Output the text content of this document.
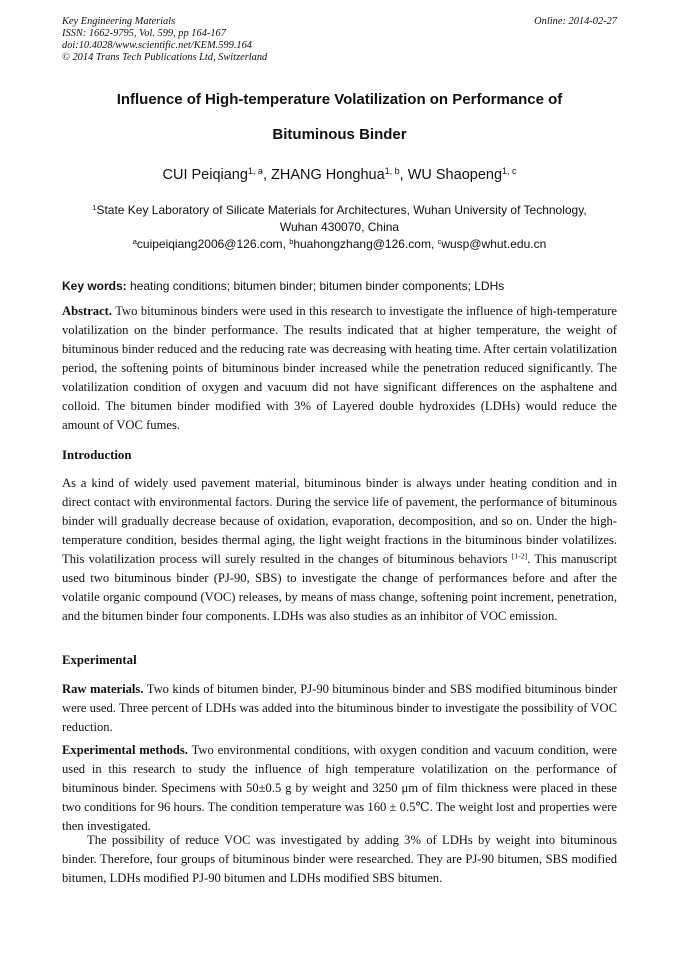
Key Engineering Materials
ISSN: 1662-9795, Vol. 599, pp 164-167
doi:10.4028/www.scientific.net/KEM.599.164
© 2014 Trans Tech Publications Ltd, Switzerland
Online: 2014-02-27
Influence of High-temperature Volatilization on Performance of
Bituminous Binder
CUI Peiqiang$^{1, a}$, ZHANG Honghua$^{1, b}$, WU Shaopeng$^{1, c}$
$^1$State Key Laboratory of Silicate Materials for Architectures, Wuhan University of Technology,
Wuhan 430070, China
$^a$cuipeiqiang2006@126.com, $^b$huahongzhang@126.com, $^c$wusp@whut.edu.cn
Key words: heating conditions; bitumen binder; bitumen binder components; LDHs
Abstract. Two bituminous binders were used in this research to investigate the influence of high-temperature volatilization on the binder performance. The results indicated that at higher temperature, the weight of bituminous binder reduced and the reducing rate was decreasing with heating time. After certain volatilization period, the softening points of bituminous binder increased while the penetration reduced significantly. The volatilization condition of oxygen and vacuum did not have significant differences on the asphaltene and colloid. The bitumen binder modified with 3% of Layered double hydroxides (LDHs) would reduce the amount of VOC fumes.
Introduction
As a kind of widely used pavement material, bituminous binder is always under heating condition and in direct contact with environmental factors. During the service life of pavement, the performance of bituminous binder will gradually decrease because of oxidation, evaporation, decomposition, and so on. Under the high-temperature condition, besides thermal aging, the light weight fractions in the bituminous binder volatilizes. This volatilization process will surely resulted in the changes of bituminous behaviors [1-2]. This manuscript used two bituminous binder (PJ-90, SBS) to investigate the change of performances before and after the volatile organic compound (VOC) releases, by means of mass change, softening point increment, penetration, and the bitumen binder four components. LDHs was also studies as an inhibitor of VOC emission.
Experimental
Raw materials. Two kinds of bitumen binder, PJ-90 bituminous binder and SBS modified bituminous binder were used. Three percent of LDHs was added into the bituminous binder to investigate the possibility of VOC reduction.
Experimental methods. Two environmental conditions, with oxygen condition and vacuum condition, were used in this research to study the influence of high temperature volatilization on the performance of bituminous binder. Specimens with 50±0.5 g by weight and 3250 μm of film thickness were placed in these two conditions for 96 hours. The condition temperature was 160 ± 0.5℃. The weight lost and properties were then investigated.
The possibility of reduce VOC was investigated by adding 3% of LDHs by weight into bituminous binder. Therefore, four groups of bituminous binder were researched. They are PJ-90 bitumen, SBS modified bitumen, LDHs modified PJ-90 bitumen and LDHs modified SBS bitumen.
